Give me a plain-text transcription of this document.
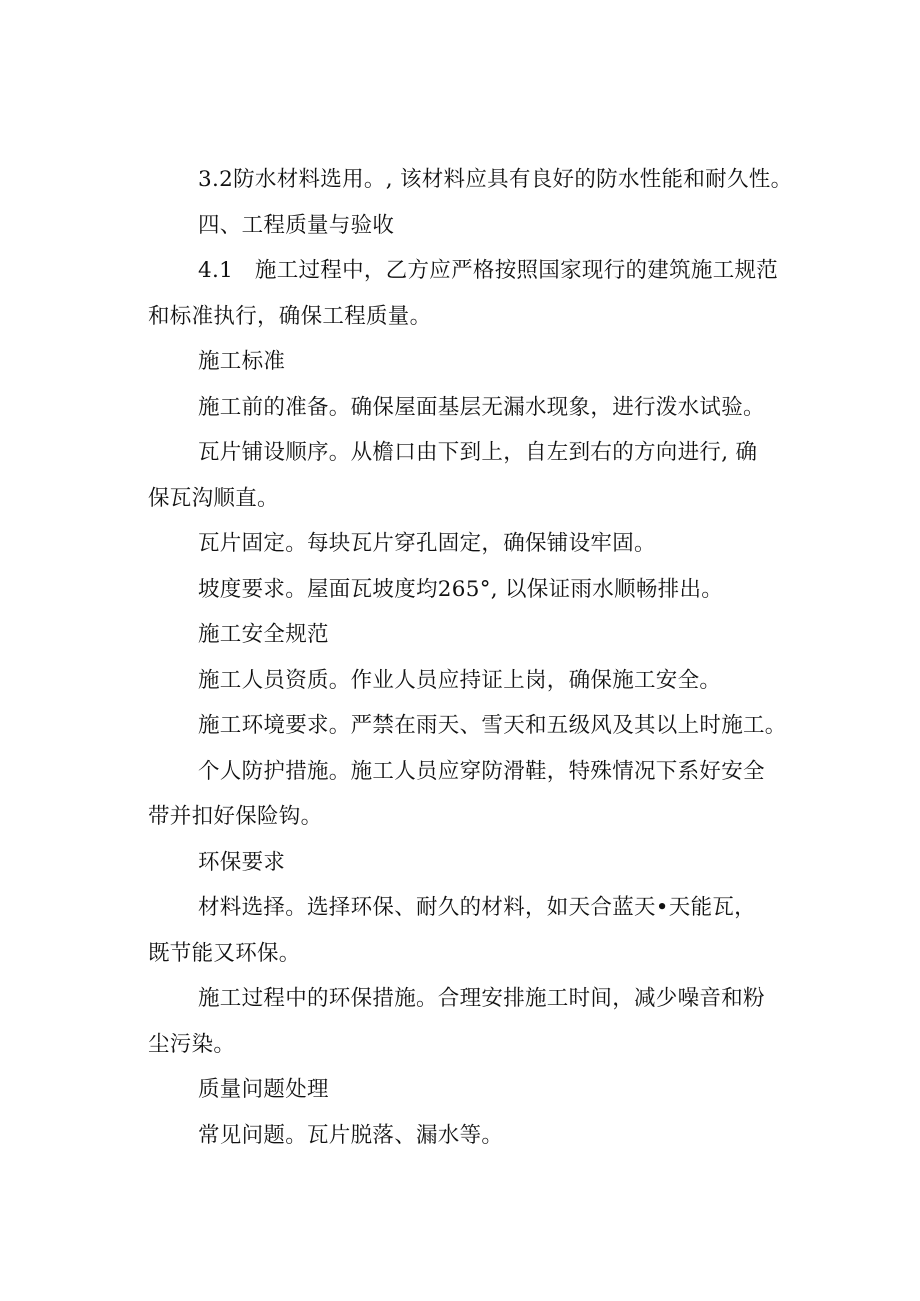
3.2防水材料选用。, 该材料应具有良好的防水性能和耐久性。

四、工程质量与验收

4.1　施工过程中，乙方应严格按照国家现行的建筑施工规范
和标准执行，确保工程质量。

施工标准

施工前的准备。确保屋面基层无漏水现象，进行泼水试验。

瓦片铺设顺序。从檐口由下到上，自左到右的方向进行, 确
保瓦沟顺直。

瓦片固定。每块瓦片穿孔固定，确保铺设牢固。

坡度要求。屋面瓦坡度均265°, 以保证雨水顺畅排出。

施工安全规范

施工人员资质。作业人员应持证上岗，确保施工安全。

施工环境要求。严禁在雨天、雪天和五级风及其以上时施工。

个人防护措施。施工人员应穿防滑鞋，特殊情况下系好安全
带并扣好保险钩。

环保要求

材料选择。选择环保、耐久的材料，如天合蓝天•天能瓦，
既节能又环保。

施工过程中的环保措施。合理安排施工时间，减少噪音和粉
尘污染。

质量问题处理

常见问题。瓦片脱落、漏水等。
